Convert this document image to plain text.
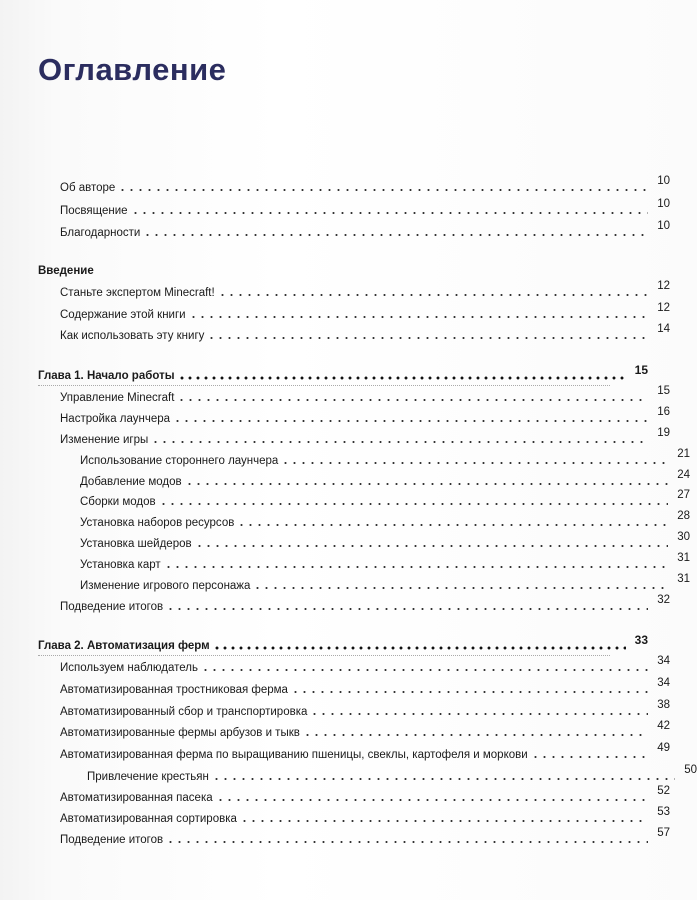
Оглавление
Об авторе
10
Посвящение
10
Благодарности
10
Введение
Станьте экспертом Minecraft!
12
Содержание этой книги
12
Как использовать эту книгу
14
Глава 1. Начало работы	15
Управление Minecraft
15
Настройка лаунчера
16
Изменение игры
19
Использование стороннего лаунчера
21
Добавление модов
24
Сборки модов
27
Установка наборов ресурсов
28
Установка шейдеров
30
Установка карт
31
Изменение игрового персонажа
31
Подведение итогов
32
Глава 2. Автоматизация ферм	33
Используем наблюдатель
34
Автоматизированная тростниковая ферма
34
Автоматизированный сбор и транспортировка
38
Автоматизированные фермы арбузов и тыкв
42
Автоматизированная ферма по выращиванию пшеницы, свеклы, картофеля и моркови
49
Привлечение крестьян
50
Автоматизированная пасека
52
Автоматизированная сортировка
53
Подведение итогов
57
